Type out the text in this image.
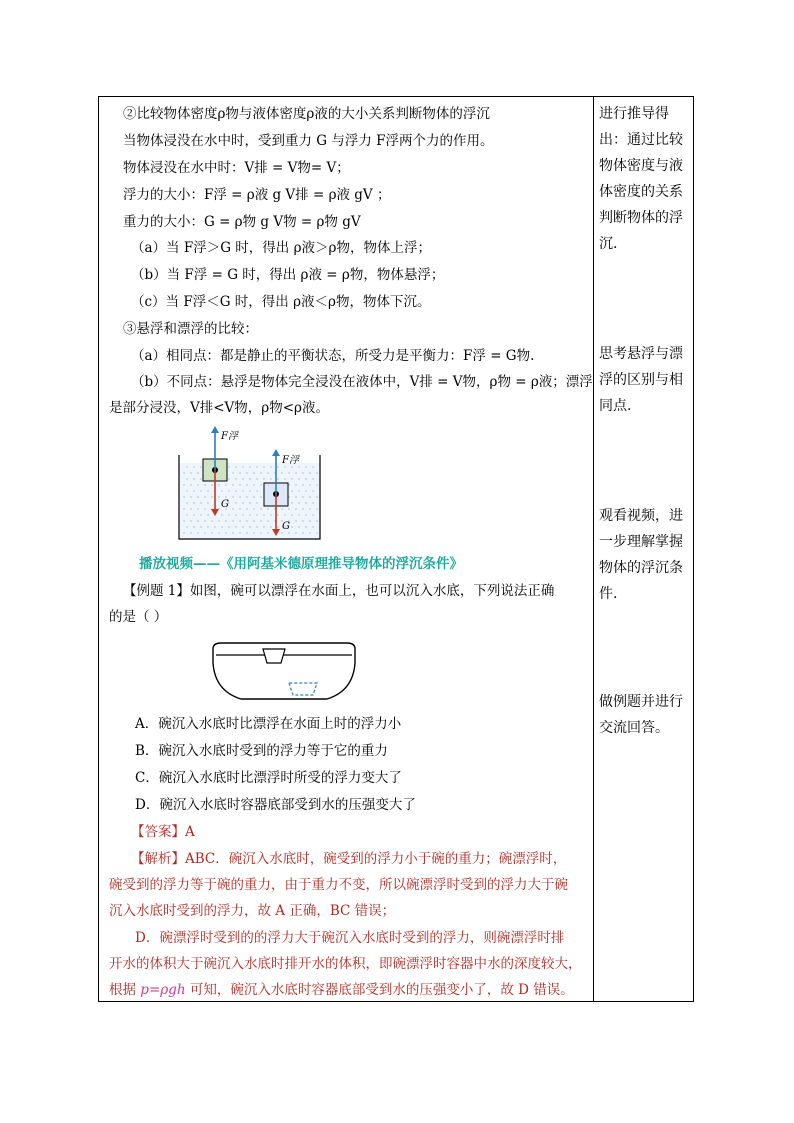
②比较物体密度ρ物与液体密度ρ液的大小关系判断物体的浮沉
当物体浸没在水中时，受到重力 G 与浮力 F浮两个力的作用。
物体浸没在水中时：V排 = V物= V；
浮力的大小：F浮 = ρ液 g V排 = ρ液 gV ；
重力的大小：G = ρ物 g V物 = ρ物 gV
（a）当 F浮＞G 时，得出 ρ液＞ρ物，物体上浮；
（b）当 F浮 = G 时，得出 ρ液 = ρ物，物体悬浮；
（c）当 F浮＜G 时，得出 ρ液＜ρ物，物体下沉。
③悬浮和漂浮的比较：
（a）相同点：都是静止的平衡状态，所受力是平衡力：F浮 = G物.
（b）不同点：悬浮是物体完全浸没在液体中，V排 = V物，ρ物 = ρ液；漂浮
是部分浸没，V排<V物，ρ物<ρ液。
F浮
G
F浮
G
播放视频——《用阿基米德原理推导物体的浮沉条件》
【例题 1】如图，碗可以漂浮在水面上，也可以沉入水底，下列说法正确
的是（ ）
A．碗沉入水底时比漂浮在水面上时的浮力小
B．碗沉入水底时受到的浮力等于它的重力
C．碗沉入水底时比漂浮时所受的浮力变大了
D．碗沉入水底时容器底部受到水的压强变大了
【答案】A
【解析】ABC．碗沉入水底时，碗受到的浮力小于碗的重力；碗漂浮时，
碗受到的浮力等于碗的重力，由于重力不变，所以碗漂浮时受到的浮力大于碗
沉入水底时受到的浮力，故 A 正确，BC 错误；
D．碗漂浮时受到的的浮力大于碗沉入水底时受到的浮力，则碗漂浮时排
开水的体积大于碗沉入水底时排开水的体积，即碗漂浮时容器中水的深度较大，
根据 p=ρgh 可知，碗沉入水底时容器底部受到水的压强变小了，故 D 错误。
进行推导得
出：通过比较
物体密度与液
体密度的关系
判断物体的浮
沉.
思考悬浮与漂
浮的区别与相
同点.
观看视频，进
一步理解掌握
物体的浮沉条
件.
做例题并进行
交流回答。
